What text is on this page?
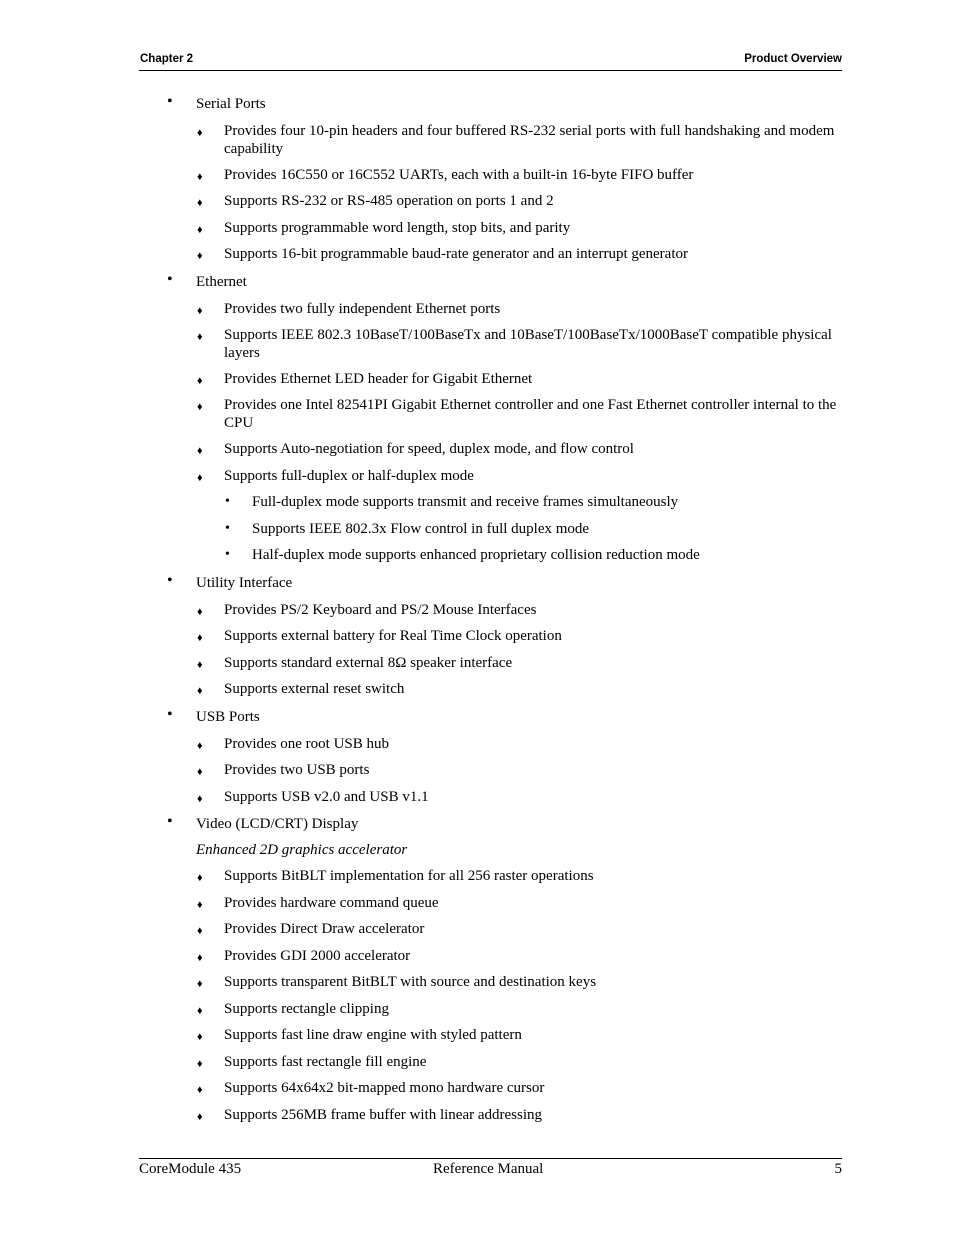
Chapter 2	Product Overview
• Serial Ports
♦ Provides four 10-pin headers and four buffered RS-232 serial ports with full handshaking and modem capability
♦ Provides 16C550 or 16C552 UARTs, each with a built-in 16-byte FIFO buffer
♦ Supports RS-232 or RS-485 operation on ports 1 and 2
♦ Supports programmable word length, stop bits, and parity
♦ Supports 16-bit programmable baud-rate generator and an interrupt generator
• Ethernet
♦ Provides two fully independent Ethernet ports
♦ Supports IEEE 802.3 10BaseT/100BaseTx and 10BaseT/100BaseTx/1000BaseT compatible physical layers
♦ Provides Ethernet LED header for Gigabit Ethernet
♦ Provides one Intel 82541PI Gigabit Ethernet controller and one Fast Ethernet controller internal to the CPU
♦ Supports Auto-negotiation for speed, duplex mode, and flow control
♦ Supports full-duplex or half-duplex mode
• Full-duplex mode supports transmit and receive frames simultaneously
• Supports IEEE 802.3x Flow control in full duplex mode
• Half-duplex mode supports enhanced proprietary collision reduction mode
• Utility Interface
♦ Provides PS/2 Keyboard and PS/2 Mouse Interfaces
♦ Supports external battery for Real Time Clock operation
♦ Supports standard external 8Ω speaker interface
♦ Supports external reset switch
• USB Ports
♦ Provides one root USB hub
♦ Provides two USB ports
♦ Supports USB v2.0 and USB v1.1
• Video (LCD/CRT) Display
Enhanced 2D graphics accelerator
♦ Supports BitBLT implementation for all 256 raster operations
♦ Provides hardware command queue
♦ Provides Direct Draw accelerator
♦ Provides GDI 2000 accelerator
♦ Supports transparent BitBLT with source and destination keys
♦ Supports rectangle clipping
♦ Supports fast line draw engine with styled pattern
♦ Supports fast rectangle fill engine
♦ Supports 64x64x2 bit-mapped mono hardware cursor
♦ Supports 256MB frame buffer with linear addressing
CoreModule 435	Reference Manual	5
